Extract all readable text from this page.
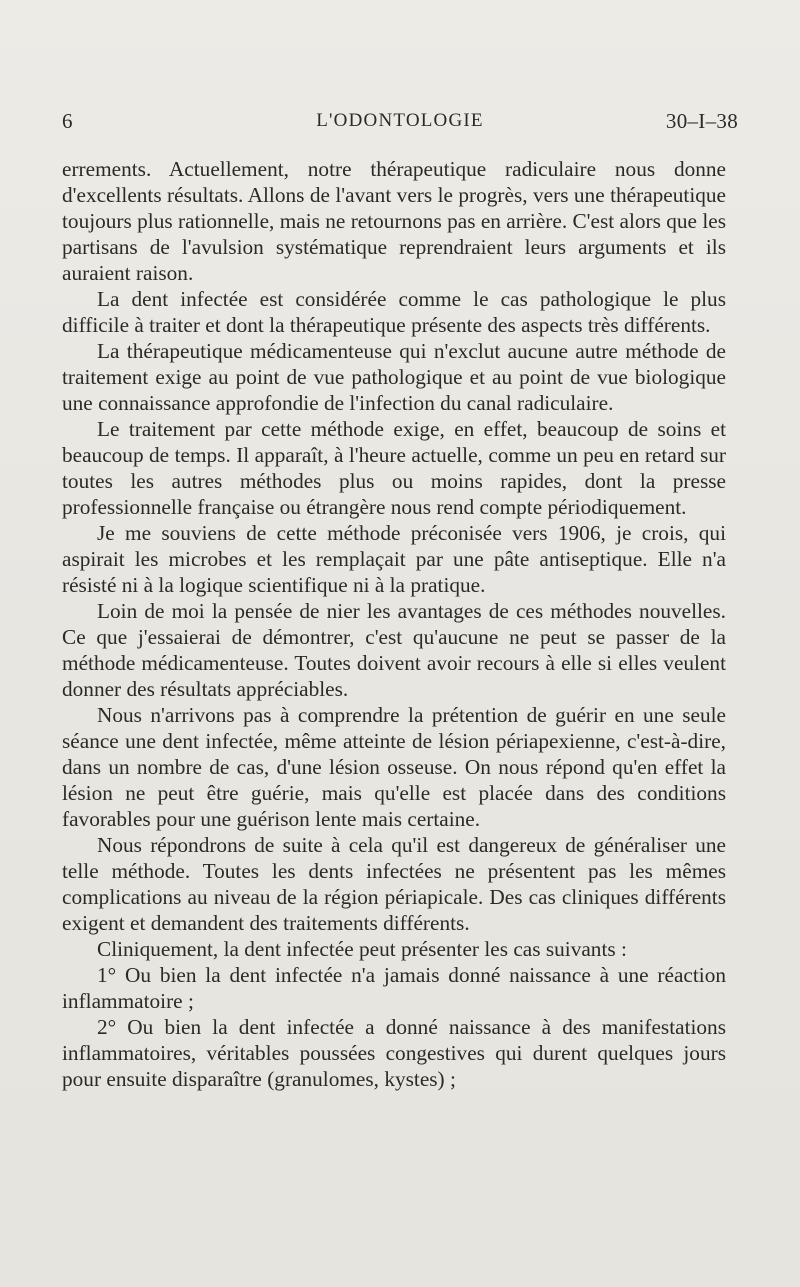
6	L'ODONTOLOGIE	30–I–38

errements. Actuellement, notre thérapeutique radiculaire nous donne d'excellents résultats. Allons de l'avant vers le progrès, vers une thérapeutique toujours plus rationnelle, mais ne retournons pas en arrière. C'est alors que les partisans de l'avulsion systématique reprendraient leurs arguments et ils auraient raison.

La dent infectée est considérée comme le cas pathologique le plus difficile à traiter et dont la thérapeutique présente des aspects très différents.

La thérapeutique médicamenteuse qui n'exclut aucune autre méthode de traitement exige au point de vue pathologique et au point de vue biologique une connaissance approfondie de l'infection du canal radiculaire.

Le traitement par cette méthode exige, en effet, beaucoup de soins et beaucoup de temps. Il apparaît, à l'heure actuelle, comme un peu en retard sur toutes les autres méthodes plus ou moins rapides, dont la presse professionnelle française ou étrangère nous rend compte périodiquement.

Je me souviens de cette méthode préconisée vers 1906, je crois, qui aspirait les microbes et les remplaçait par une pâte antiseptique. Elle n'a résisté ni à la logique scientifique ni à la pratique.

Loin de moi la pensée de nier les avantages de ces méthodes nouvelles. Ce que j'essaierai de démontrer, c'est qu'aucune ne peut se passer de la méthode médicamenteuse. Toutes doivent avoir recours à elle si elles veulent donner des résultats appréciables.

Nous n'arrivons pas à comprendre la prétention de guérir en une seule séance une dent infectée, même atteinte de lésion périapexienne, c'est-à-dire, dans un nombre de cas, d'une lésion osseuse. On nous répond qu'en effet la lésion ne peut être guérie, mais qu'elle est placée dans des conditions favorables pour une guérison lente mais certaine.

Nous répondrons de suite à cela qu'il est dangereux de généraliser une telle méthode. Toutes les dents infectées ne présentent pas les mêmes complications au niveau de la région périapicale. Des cas cliniques différents exigent et demandent des traitements différents.

Cliniquement, la dent infectée peut présenter les cas suivants :

1° Ou bien la dent infectée n'a jamais donné naissance à une réaction inflammatoire ;

2° Ou bien la dent infectée a donné naissance à des manifestations inflammatoires, véritables poussées congestives qui durent quelques jours pour ensuite disparaître (granulomes, kystes) ;
